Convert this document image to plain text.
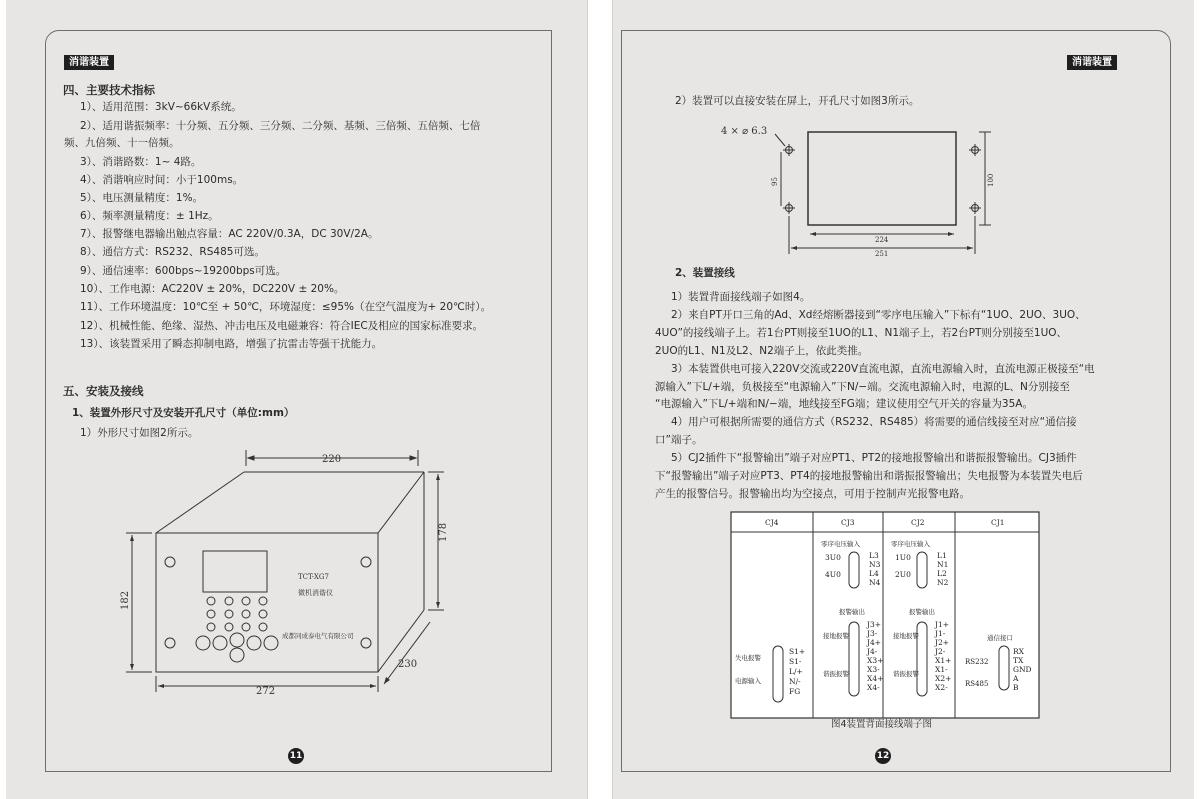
消谐装置
四、主要技术指标
1）、适用范围：3kV~66kV系统。
2）、适用谐振频率：十分频、五分频、三分频、二分频、基频、三倍频、五倍频、七倍
频、九倍频、十一倍频。
3）、消谐路数：1~ 4路。
4）、消谐响应时间：小于100ms。
5）、电压测量精度：1%。
6）、频率测量精度：± 1Hz。
7）、报警继电器输出触点容量：AC 220V/0.3A，DC 30V/2A。
8）、通信方式：RS232、RS485可选。
9）、通信速率：600bps~19200bps可选。
10）、工作电源：AC220V ± 20%，DC220V ± 20%。
11）、工作环境温度：10℃至 + 50℃，环境湿度：≤95%（在空气温度为+ 20℃时）。
12）、机械性能、绝缘、湿热、冲击电压及电磁兼容：符合IEC及相应的国家标准要求。
13）、该装置采用了瞬态抑制电路，增强了抗雷击等强干扰能力。
五、安装及接线
1、装置外形尺寸及安装开孔尺寸（单位:mm）
1）外形尺寸如图2所示。
220
178
182
230
272
TCT-XG7
微机消谐仪
成都同成泰电气有限公司
11
消谐装置
2）装置可以直接安装在屏上，开孔尺寸如图3所示。
4 × ⌀ 6.3
95	100
224
251
2、装置接线
1）装置背面接线端子如图4。
2）来自PT开口三角的Ad、Xd经熔断器接到“零序电压输入”下标有“1UO、2UO、3UO、
4UO”的接线端子上。若1台PT则接至1UO的L1、N1端子上，若2台PT则分别接至1UO、
2UO的L1、N1及L2、N2端子上，依此类推。
3）本装置供电可接入220V交流或220V直流电源，直流电源输入时，直流电源正极接至“电
源输入”下L/+端，负极接至“电源输入”下N/−端。交流电源输入时，电源的L、N分别接至
“电源输入”下L/+端和N/−端，地线接至FG端；建议使用空气开关的容量为35A。
4）用户可根据所需要的通信方式（RS232、RS485）将需要的通信线接至对应“通信接
口”端子。
5）CJ2插件下“报警输出”端子对应PT1、PT2的接地报警输出和谐振报警输出。CJ3插件
下“报警输出”端子对应PT3、PT4的接地报警输出和谐振报警输出；失电报警为本装置失电后
产生的报警信号。报警输出均为空接点，可用于控制声光报警电路。
CJ4	CJ3	CJ2	CJ1
零序电压输入
3U0
4U0
L3
N3
L4
N4
报警输出
接地报警
谐振报警
J3+
J3-
J4+
J4-
X3+
X3-
X4+
X4-
零序电压输入
1U0
2U0
L1
N1
L2
N2
报警输出
接地报警
谐振报警
J1+
J1-
J2+
J2-
X1+
X1-
X2+
X2-
失电报警
电源输入
S1+
S1-
L/+
N/-
FG
通信接口
RS232
RS485
RX
TX
GND
A
B
图4装置背面接线端子图
12
